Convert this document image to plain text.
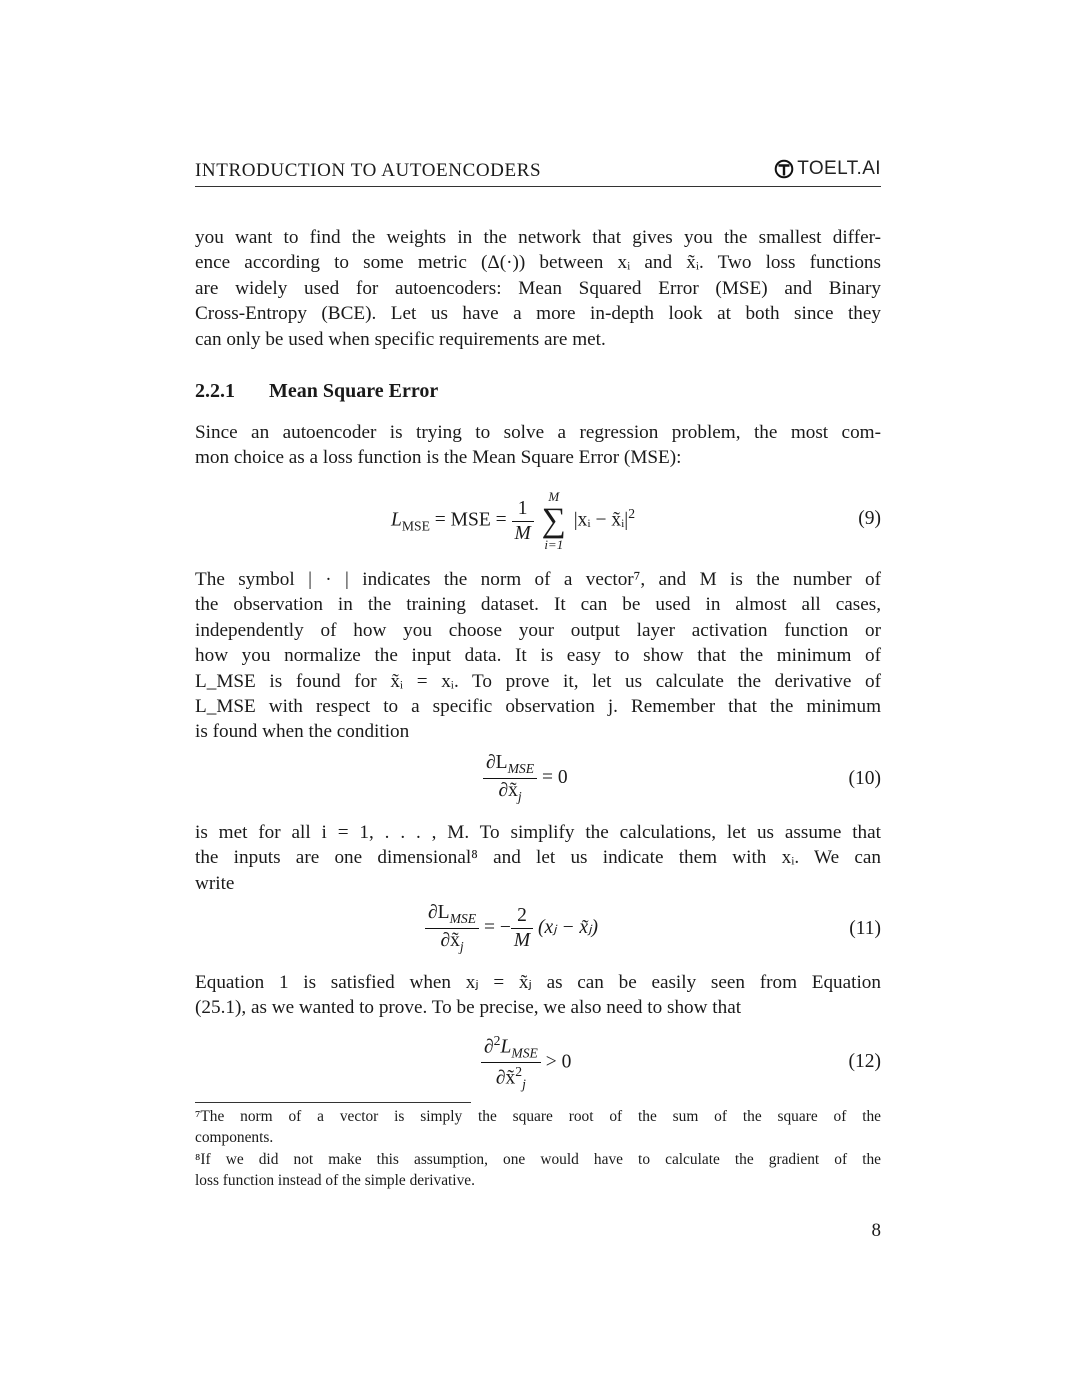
INTRODUCTION TO AUTOENCODERS	TOELT.AI
you want to find the weights in the network that gives you the smallest differ-
ence according to some metric (Δ(·)) between xᵢ and x̃ᵢ. Two loss functions
are widely used for autoencoders: Mean Squared Error (MSE) and Binary
Cross-Entropy (BCE). Let us have a more in-depth look at both since they
can only be used when specific requirements are met.
2.2.1 Mean Square Error
Since an autoencoder is trying to solve a regression problem, the most com-
mon choice as a loss function is the Mean Square Error (MSE):
$L_{MSE}$ = MSE = $\frac{1}{M}$

M
∑
i=1
|xᵢ − $x̃ᵢ|^2$	(9)
The symbol | · | indicates the norm of a vector⁷, and M is the number of
the observation in the training dataset. It can be used in almost all cases,
independently of how you choose your output layer activation function or
how you normalize the input data. It is easy to show that the minimum of
L_MSE is found for x̃ᵢ = xᵢ. To prove it, let us calculate the derivative of
L_MSE with respect to a specific observation j. Remember that the minimum
is found when the condition
$\frac{\partial L_{MSE}}{\partial x̃_j} = 0$	(10)
is met for all i = 1, . . . , M. To simplify the calculations, let us assume that
the inputs are one dimensional⁸ and let us indicate them with xᵢ. We can
write
$\frac{\partial L_{MSE}}{\partial x̃_j}$ = − $\frac{2}{M}$ (xⱼ − x̃ⱼ)	(11)
Equation 1 is satisfied when xⱼ = x̃ⱼ as can be easily seen from Equation
(25.1), as we wanted to prove. To be precise, we also need to show that
$\frac{\partial^2L_{MSE}}{\partial x̃^2_j} > 0$	(12)
⁷The norm of a vector is simply the square root of the sum of the square of the
components.
⁸If we did not make this assumption, one would have to calculate the gradient of the
loss function instead of the simple derivative.
8
